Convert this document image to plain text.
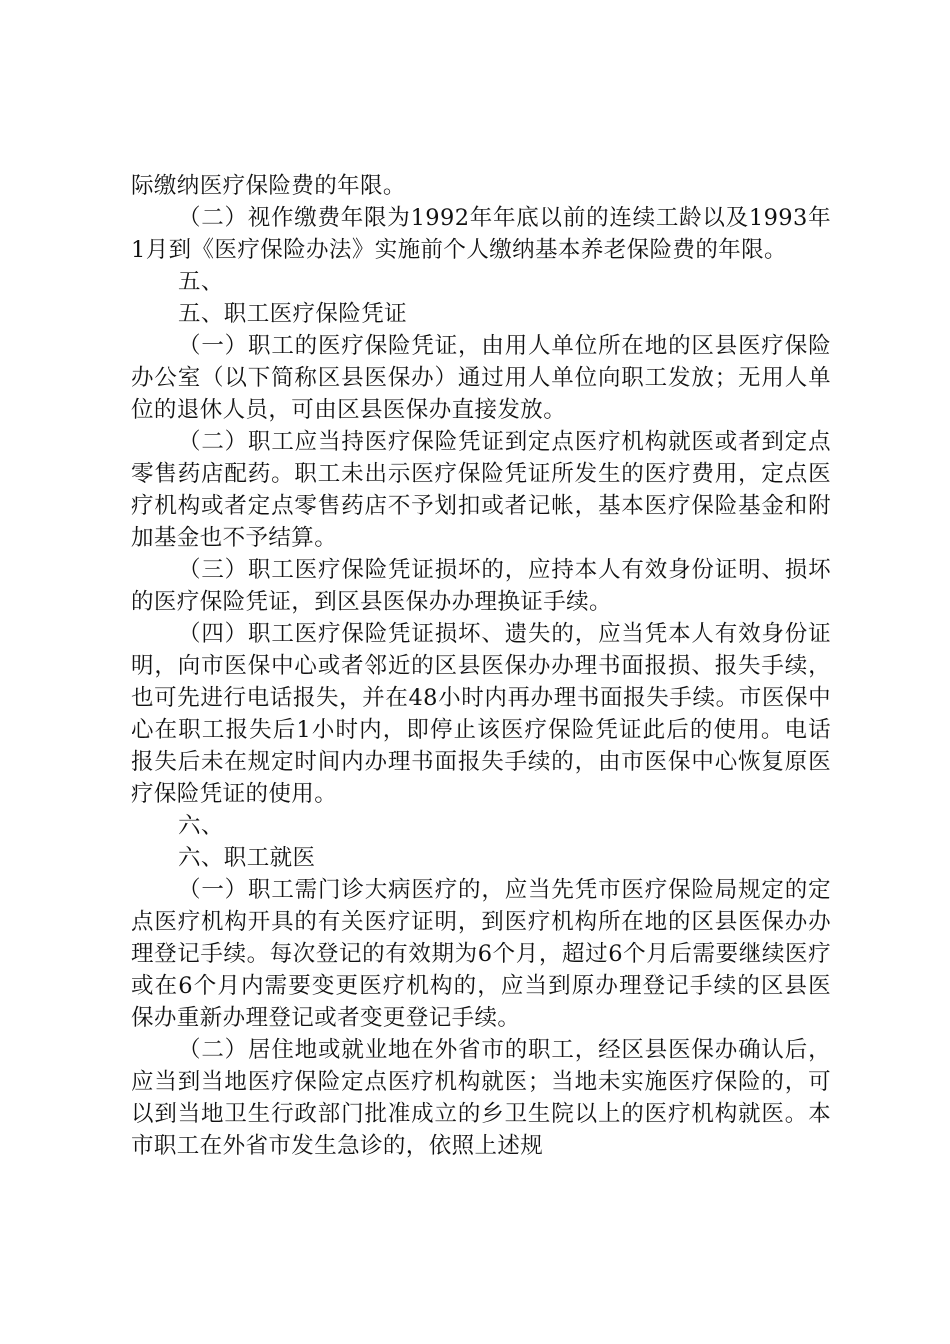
际缴纳医疗保险费的年限。

（二）视作缴费年限为1992年年底以前的连续工龄以及1993年1月到《医疗保险办法》实施前个人缴纳基本养老保险费的年限。

五、

五、职工医疗保险凭证

（一）职工的医疗保险凭证，由用人单位所在地的区县医疗保险办公室（以下简称区县医保办）通过用人单位向职工发放；无用人单位的退休人员，可由区县医保办直接发放。

（二）职工应当持医疗保险凭证到定点医疗机构就医或者到定点零售药店配药。职工未出示医疗保险凭证所发生的医疗费用，定点医疗机构或者定点零售药店不予划扣或者记帐，基本医疗保险基金和附加基金也不予结算。

（三）职工医疗保险凭证损坏的，应持本人有效身份证明、损坏的医疗保险凭证，到区县医保办办理换证手续。

（四）职工医疗保险凭证损坏、遗失的，应当凭本人有效身份证明，向市医保中心或者邻近的区县医保办办理书面报损、报失手续，也可先进行电话报失，并在48小时内再办理书面报失手续。市医保中心在职工报失后1小时内，即停止该医疗保险凭证此后的使用。电话报失后未在规定时间内办理书面报失手续的，由市医保中心恢复原医疗保险凭证的使用。

六、

六、职工就医

（一）职工需门诊大病医疗的，应当先凭市医疗保险局规定的定点医疗机构开具的有关医疗证明，到医疗机构所在地的区县医保办办理登记手续。每次登记的有效期为6个月，超过6个月后需要继续医疗或在6个月内需要变更医疗机构的，应当到原办理登记手续的区县医保办重新办理登记或者变更登记手续。

（二）居住地或就业地在外省市的职工，经区县医保办确认后，应当到当地医疗保险定点医疗机构就医；当地未实施医疗保险的，可以到当地卫生行政部门批准成立的乡卫生院以上的医疗机构就医。本市职工在外省市发生急诊的，依照上述规
